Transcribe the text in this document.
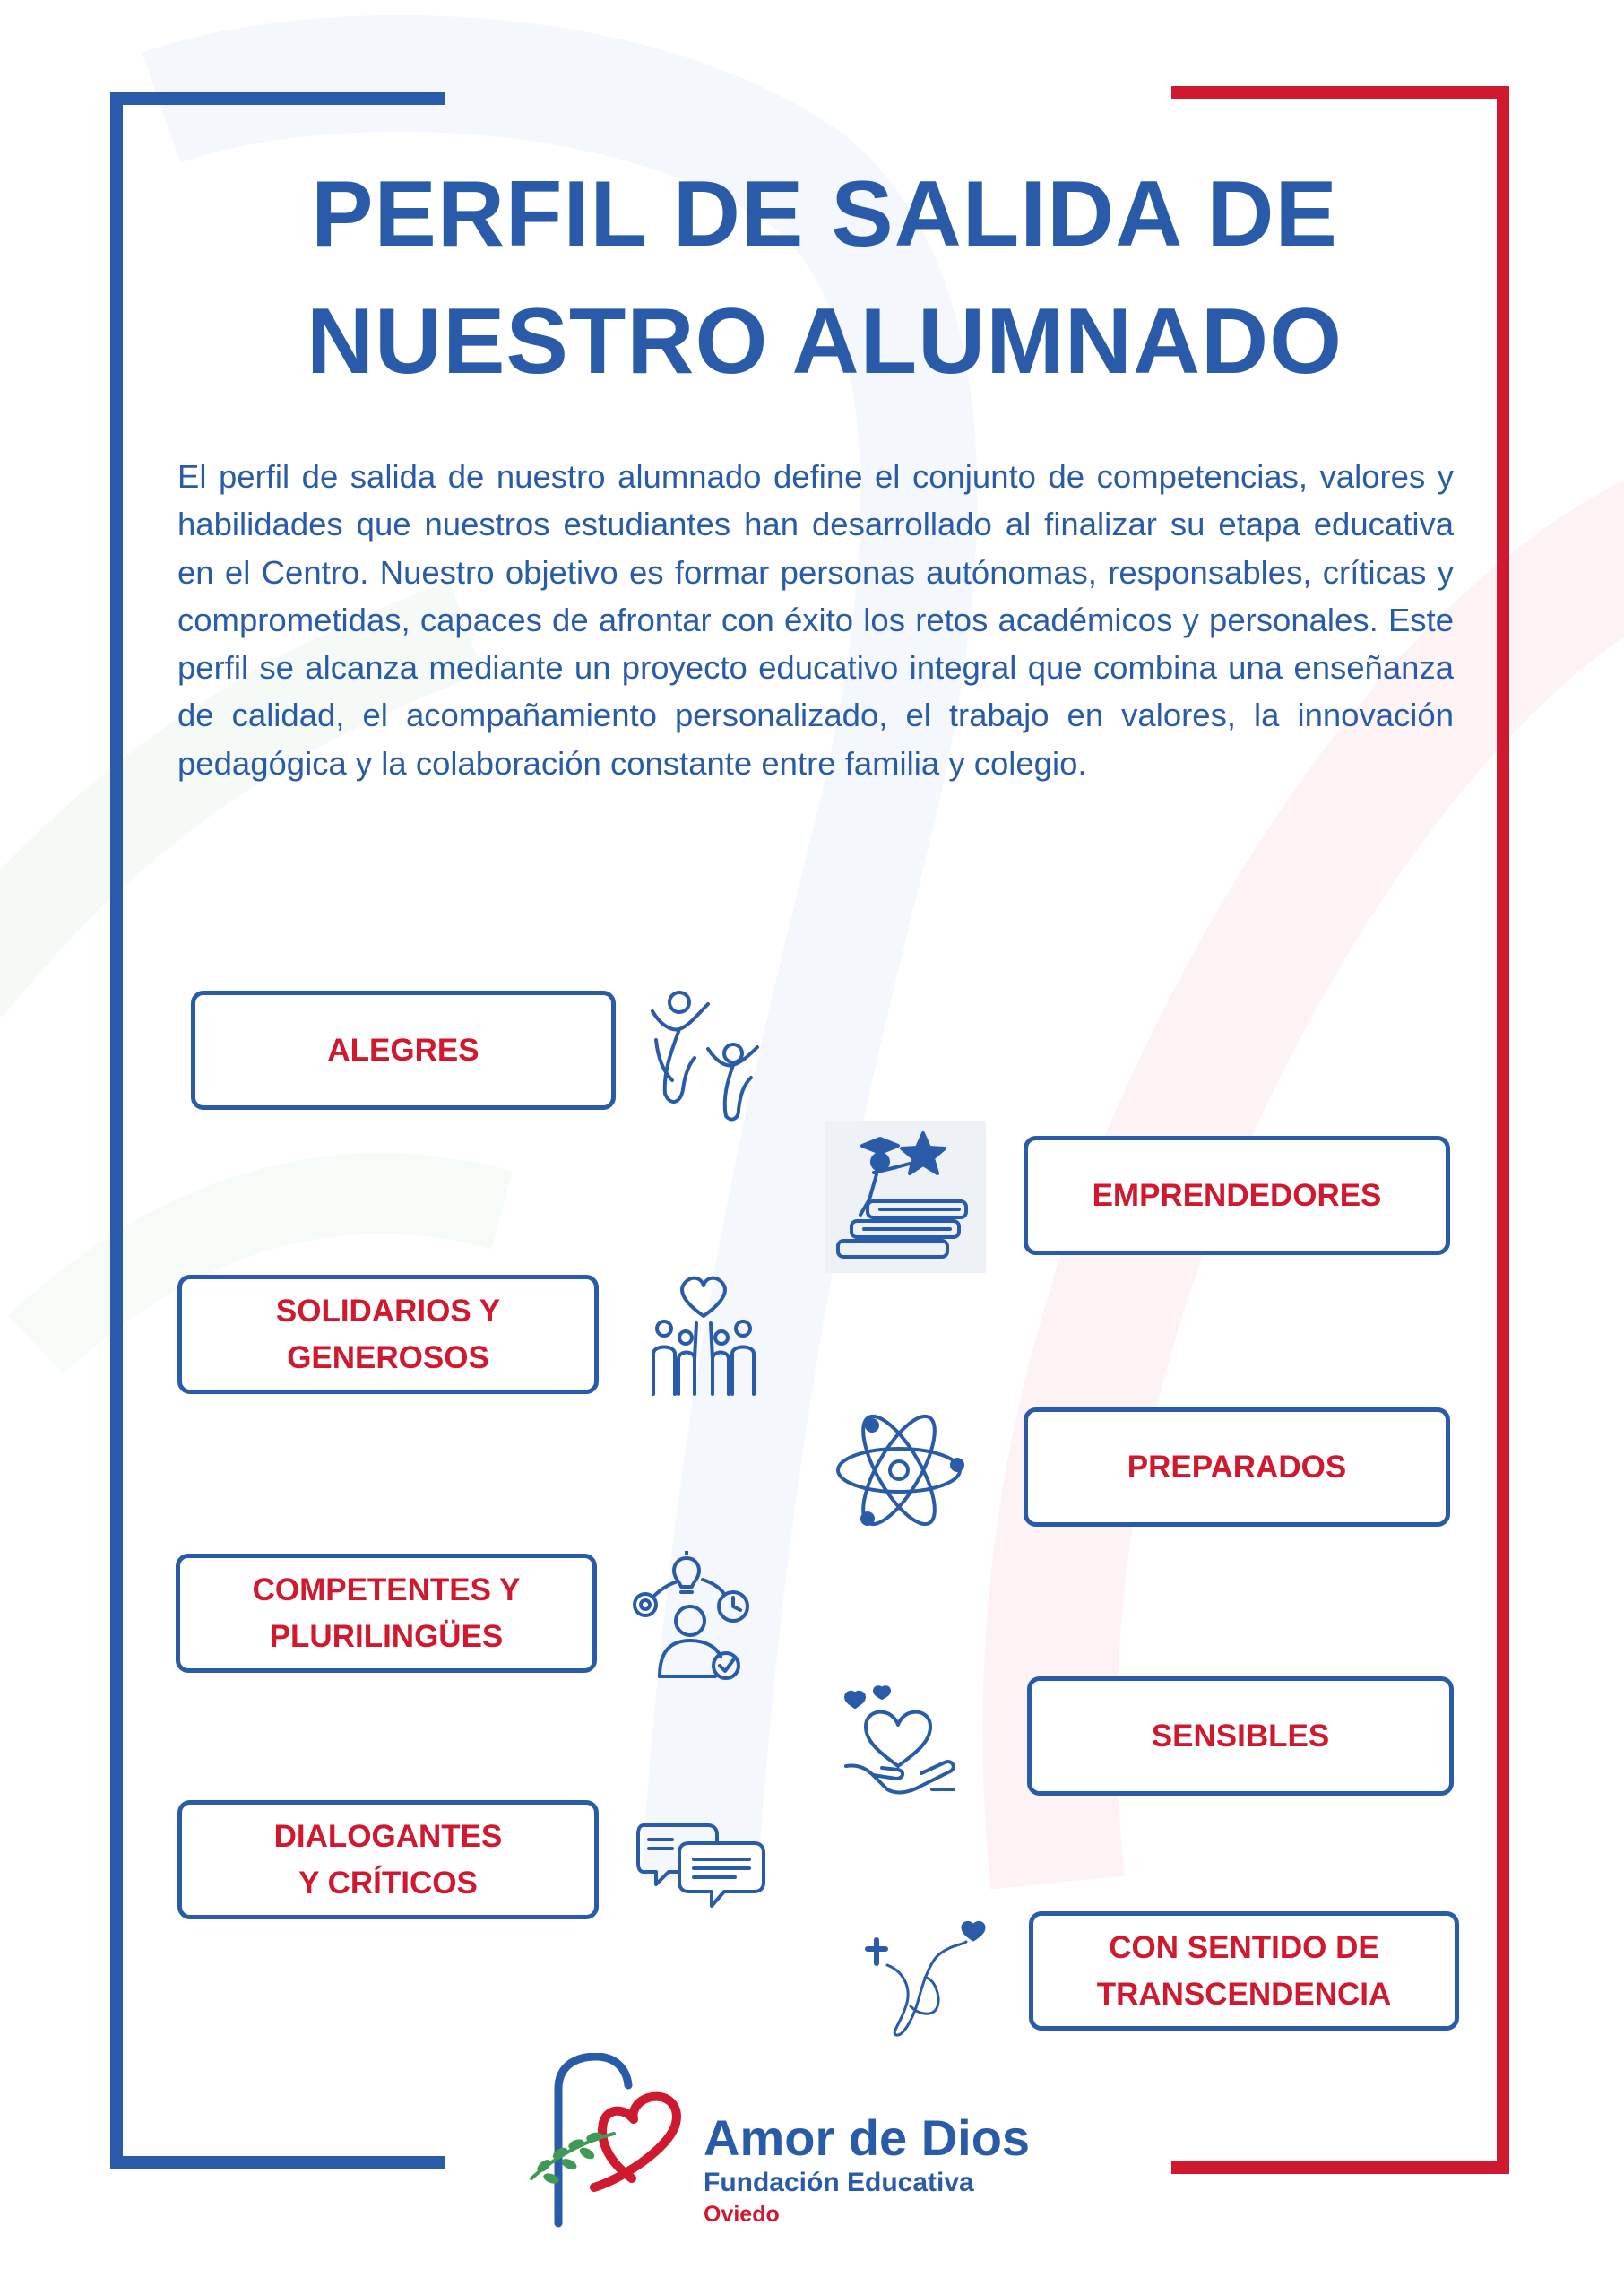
PERFIL DE SALIDA DE
NUESTRO ALUMNADO
El perfil de salida de nuestro alumnado define el conjunto de competencias, valores y habilidades que nuestros estudiantes han desarrollado al finalizar su etapa educativa en el Centro. Nuestro objetivo es formar personas autónomas, responsables, críticas y comprometidas, capaces de afrontar con éxito los retos académicos y personales. Este perfil se alcanza mediante un proyecto educativo integral que combina una enseñanza de calidad, el acompañamiento personalizado, el trabajo en valores, la innovación pedagógica y la colaboración constante entre familia y colegio.
ALEGRES
EMPRENDEDORES
SOLIDARIOS Y
GENEROSOS
PREPARADOS
COMPETENTES Y
PLURILINGÜES
SENSIBLES
DIALOGANTES
Y CRÍTICOS
CON SENTIDO DE
TRANSCENDENCIA
Amor de Dios
Fundación Educativa
Oviedo
